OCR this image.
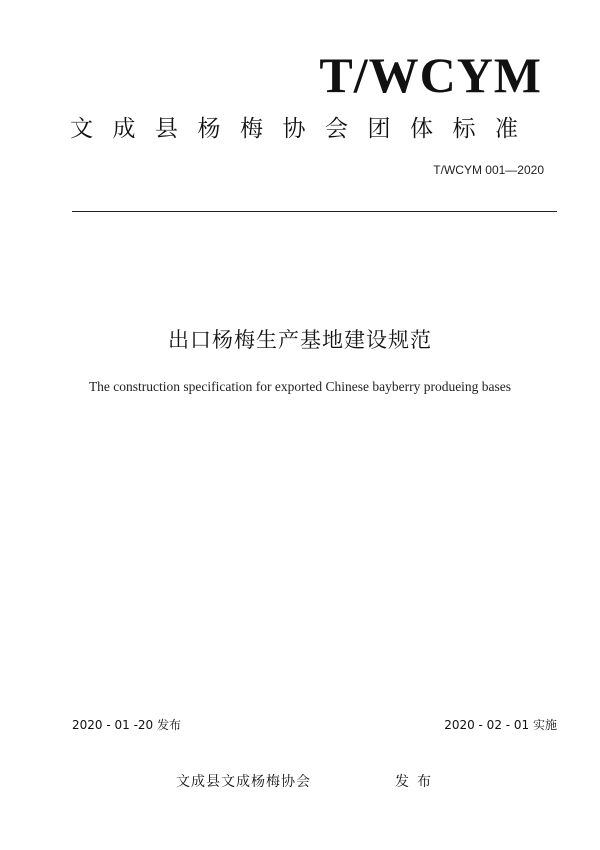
T/WCYM
文成县杨梅协会团体标准
T/WCYM 001—2020
出口杨梅生产基地建设规范
The construction specification for exported Chinese bayberry produeing bases
2020 - 01 -20 发布	2020 - 02 - 01 实施
文成县文成杨梅协会	发布
